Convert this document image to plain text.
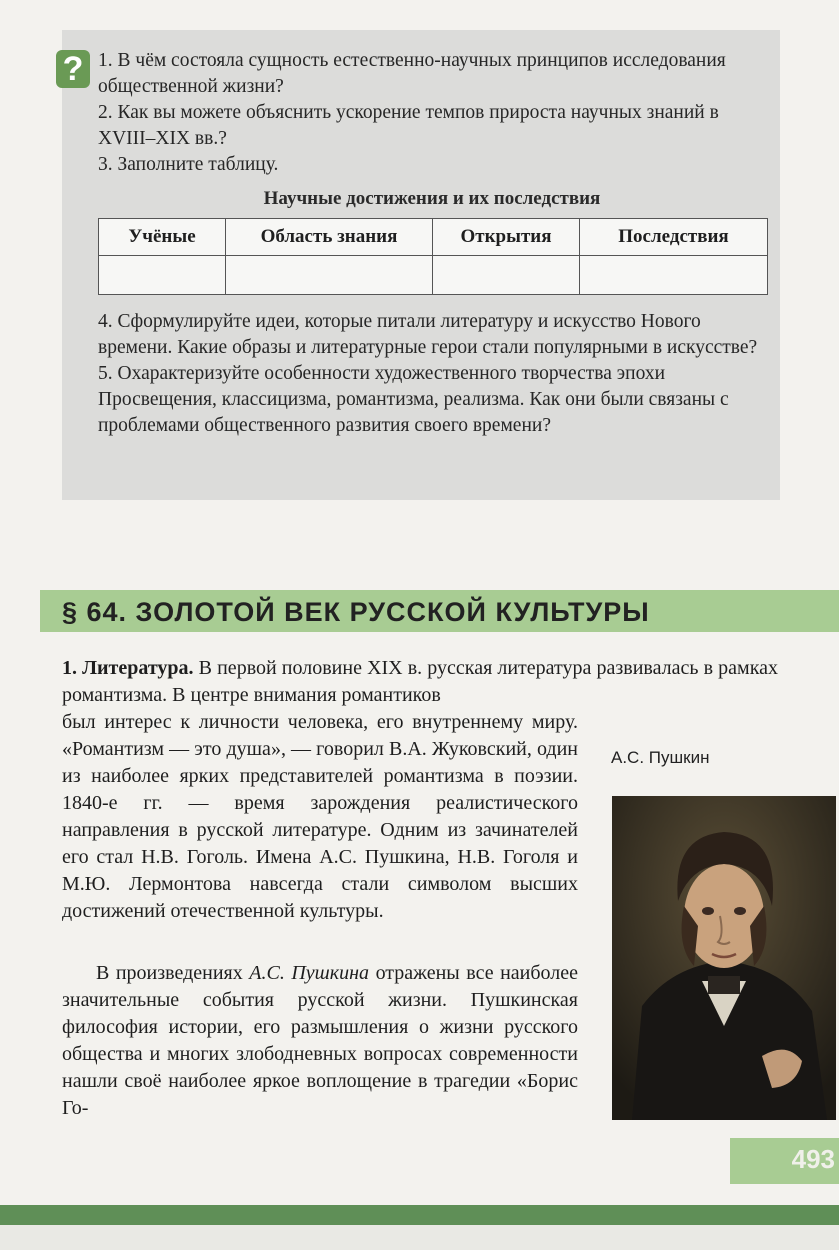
? 1. В чём состояла сущность естественно-научных принципов исследования общественной жизни?

2. Как вы можете объяснить ускорение темпов прироста научных знаний в XVIII–XIX вв.?

3. Заполните таблицу.

Научные достижения и их последствия
Учёные	Область знания	Открытия	Последствия

4. Сформулируйте идеи, которые питали литературу и искусство Нового времени. Какие образы и литературные герои стали популярными в искусстве?

5. Охарактеризуйте особенности художественного творчества эпохи Просвещения, классицизма, романтизма, реализма. Как они были связаны с проблемами общественного развития своего времени?

§ 64. ЗОЛОТОЙ ВЕК РУССКОЙ КУЛЬТУРЫ
1. Литература. В первой половине XIX в. русская литература развивалась в рамках романтизма. В центре внимания романтиков
был интерес к личности человека, его внутреннему миру. «Романтизм — это душа», — говорил В.А. Жуковский, один из наиболее ярких представителей романтизма в поэзии. 1840-е гг. — время зарождения реалистического направления в русской литературе. Одним из зачинателей его стал Н.В. Гоголь. Имена А.С. Пушкина, Н.В. Гоголя и М.Ю. Лермонтова навсегда стали символом высших достижений отечественной культуры.
В произведениях А.С. Пушкина отражены все наиболее значительные события русской жизни. Пушкинская философия истории, его размышления о жизни русского общества и многих злободневных вопросах современности нашли своё наиболее яркое воплощение в трагедии «Борис Го-
А.С. Пушкин
493
